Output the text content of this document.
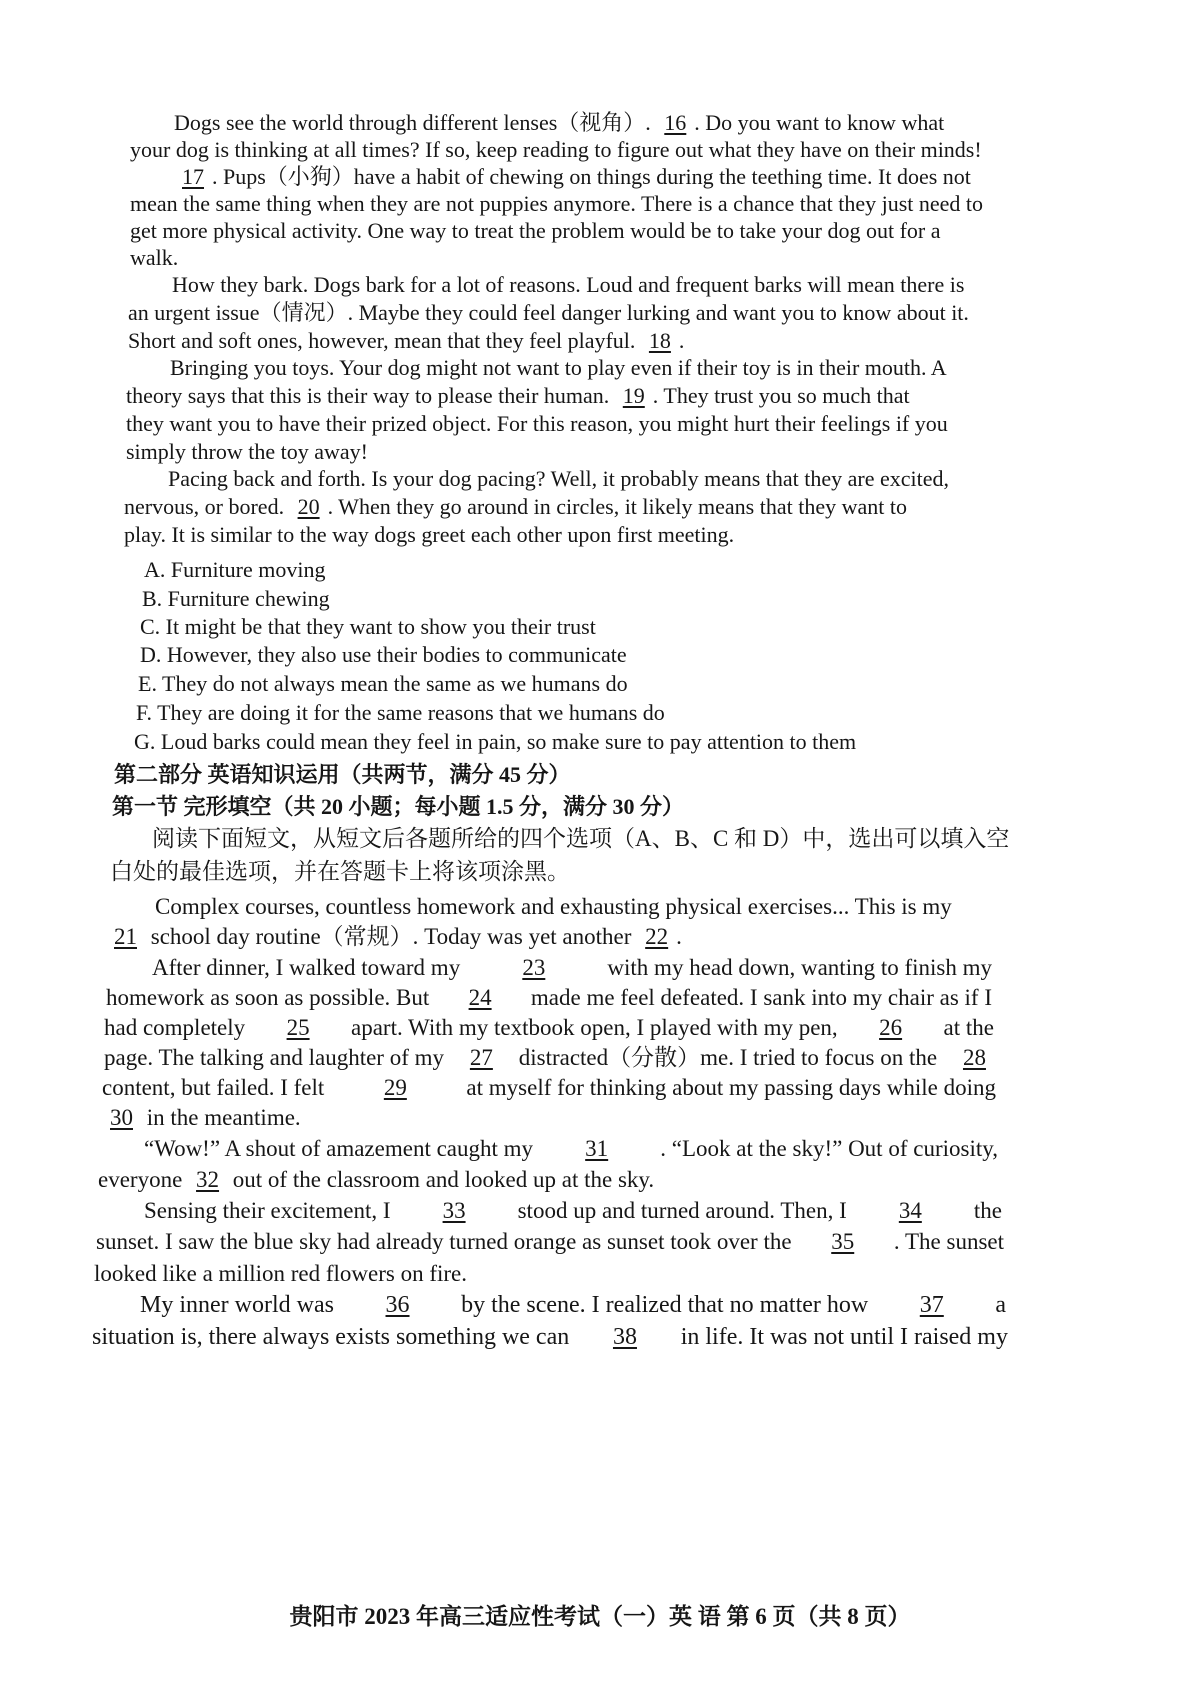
Dogs see the world through different lenses（视角）. 16 . Do you want to know what
your dog is thinking at all times? If so, keep reading to figure out what they have on their minds!
17 . Pups（小狗）have a habit of chewing on things during the teething time. It does not
mean the same thing when they are not puppies anymore. There is a chance that they just need to
get more physical activity. One way to treat the problem would be to take your dog out for a
walk.
How they bark. Dogs bark for a lot of reasons. Loud and frequent barks will mean there is
an urgent issue（情况）. Maybe they could feel danger lurking and want you to know about it.
Short and soft ones, however, mean that they feel playful. 18 .
Bringing you toys. Your dog might not want to play even if their toy is in their mouth. A
theory says that this is their way to please their human. 19 . They trust you so much that
they want you to have their prized object. For this reason, you might hurt their feelings if you
simply throw the toy away!
Pacing back and forth. Is your dog pacing? Well, it probably means that they are excited,
nervous, or bored. 20 . When they go around in circles, it likely means that they want to
play. It is similar to the way dogs greet each other upon first meeting.
A. Furniture moving
B. Furniture chewing
C. It might be that they want to show you their trust
D. However, they also use their bodies to communicate
E. They do not always mean the same as we humans do
F. They are doing it for the same reasons that we humans do
G. Loud barks could mean they feel in pain, so make sure to pay attention to them
第二部分 英语知识运用（共两节，满分 45 分）
第一节 完形填空（共 20 小题；每小题 1.5 分，满分 30 分）
阅读下面短文，从短文后各题所给的四个选项（A、B、C 和 D）中，选出可以填入空
白处的最佳选项，并在答题卡上将该项涂黑。
Complex courses, countless homework and exhausting physical exercises... This is my
21 school day routine（常规）. Today was yet another 22 .
After dinner, I walked toward my	23	with my head down, wanting to finish my
homework as soon as possible. But	24	made me feel defeated. I sank into my chair as if I
had completely	25	apart. With my textbook open, I played with my pen,	26	at the
page. The talking and laughter of my	27	distracted（分散）me. I tried to focus on the	28
content, but failed. I felt	29	at myself for thinking about my passing days while doing
30 in the meantime.
“Wow!” A shout of amazement caught my	31	. “Look at the sky!” Out of curiosity,
everyone 32 out of the classroom and looked up at the sky.
Sensing their excitement, I	33	stood up and turned around. Then, I	34	the
sunset. I saw the blue sky had already turned orange as sunset took over the	35	. The sunset
looked like a million red flowers on fire.
My inner world was	36	by the scene. I realized that no matter how	37	a
situation is, there always exists something we can	38	in life. It was not until I raised my
贵阳市 2023 年高三适应性考试（一）英 语 第 6 页（共 8 页）
